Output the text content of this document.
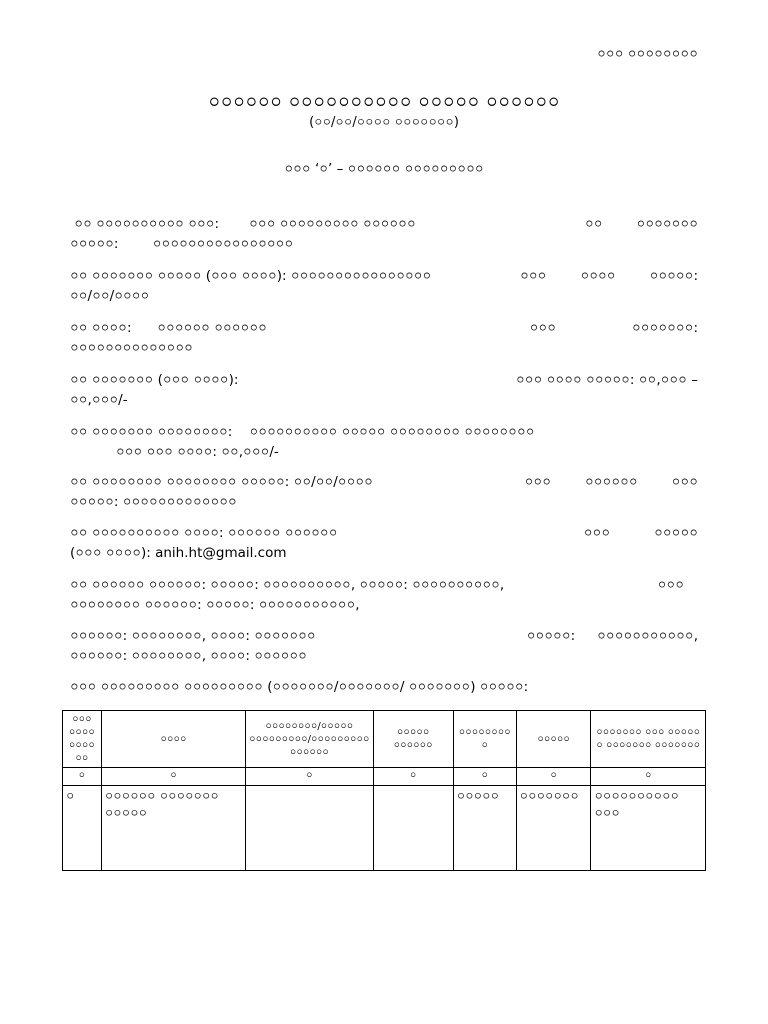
০০০ ০০০০০০০০
০০০০০০ ০০০০০০০০০০ ০০০০০ ০০০০০০
(০০/০০/০০০০ ০০০০০০০)
০০০ ‘০’ – ০০০০০০ ০০০০০০০০০
০০ ০০০০০০০০০০ ০০০: ০০০ ০০০০০০০০০ ০০০০০০	০০	০০০০০০০
০০০০০:	০০০০০০০০০০০০০০০০
০০ ০০০০০০০ ০০০০০ (০০০ ০০০০): ০০০০০০০০০০০০০০০০	০০০	০০০০	০০০০০:
০০/০০/০০০০
০০ ০০০০: ০০০০০০ ০০০০০০	০০০	০০০০০০০:
০০০০০০০০০০০০০০
০০ ০০০০০০০ (০০০ ০০০০):	০০০ ০০০০ ০০০০০: ০০,০০০ –
০০,০০০/-
০০ ০০০০০০০ ০০০০০০০০: ০০০০০০০০০০ ০০০০০ ০০০০০০০০ ০০০০০০০০
০০০ ০০০ ০০০০: ০০,০০০/-
০০ ০০০০০০০০ ০০০০০০০০ ০০০০০: ০০/০০/০০০০	০০০	০০০০০০	০০০
০০০০০: ০০০০০০০০০০০০০
০০ ০০০০০০০০০০ ০০০০: ০০০০০০ ০০০০০০	০০০	০০০০০
(০০০ ০০০০): anih.ht@gmail.com
০০ ০০০০০০ ০০০০০০: ০০০০০: ০০০০০০০০০০, ০০০০০: ০০০০০০০০০০,	০০০
০০০০০০০০ ০০০০০০: ০০০০০: ০০০০০০০০০০০,
০০০০০০: ০০০০০০০০, ০০০০: ০০০০০০০	০০০০০: ০০০০০০০০০০০,
০০০০০০: ০০০০০০০০, ০০০০: ০০০০০০
০০০ ০০০০০০০০০ ০০০০০০০০০ (০০০০০০০/০০০০০০০/ ০০০০০০০) ০০০০০:
০০০ ০০০০ ০০০০ ০০	০০০০	০০০০০০০০/০০০০০ ০০০০০০০০০/০০০০০০০০০ ০০০০০০	০০০০০ ০০০০০০	০০০০০০০০ ০	০০০০০	০০০০০০০ ০০০ ০০০০০ ০ ০০০০০০০ ০০০০০০০
০	০	০	০	০	০	০
০	০০০০০০ ০০০০০০০ ০০০০০			০০০০০	০০০০০০০	০০০০০০০০০০ ০০০
